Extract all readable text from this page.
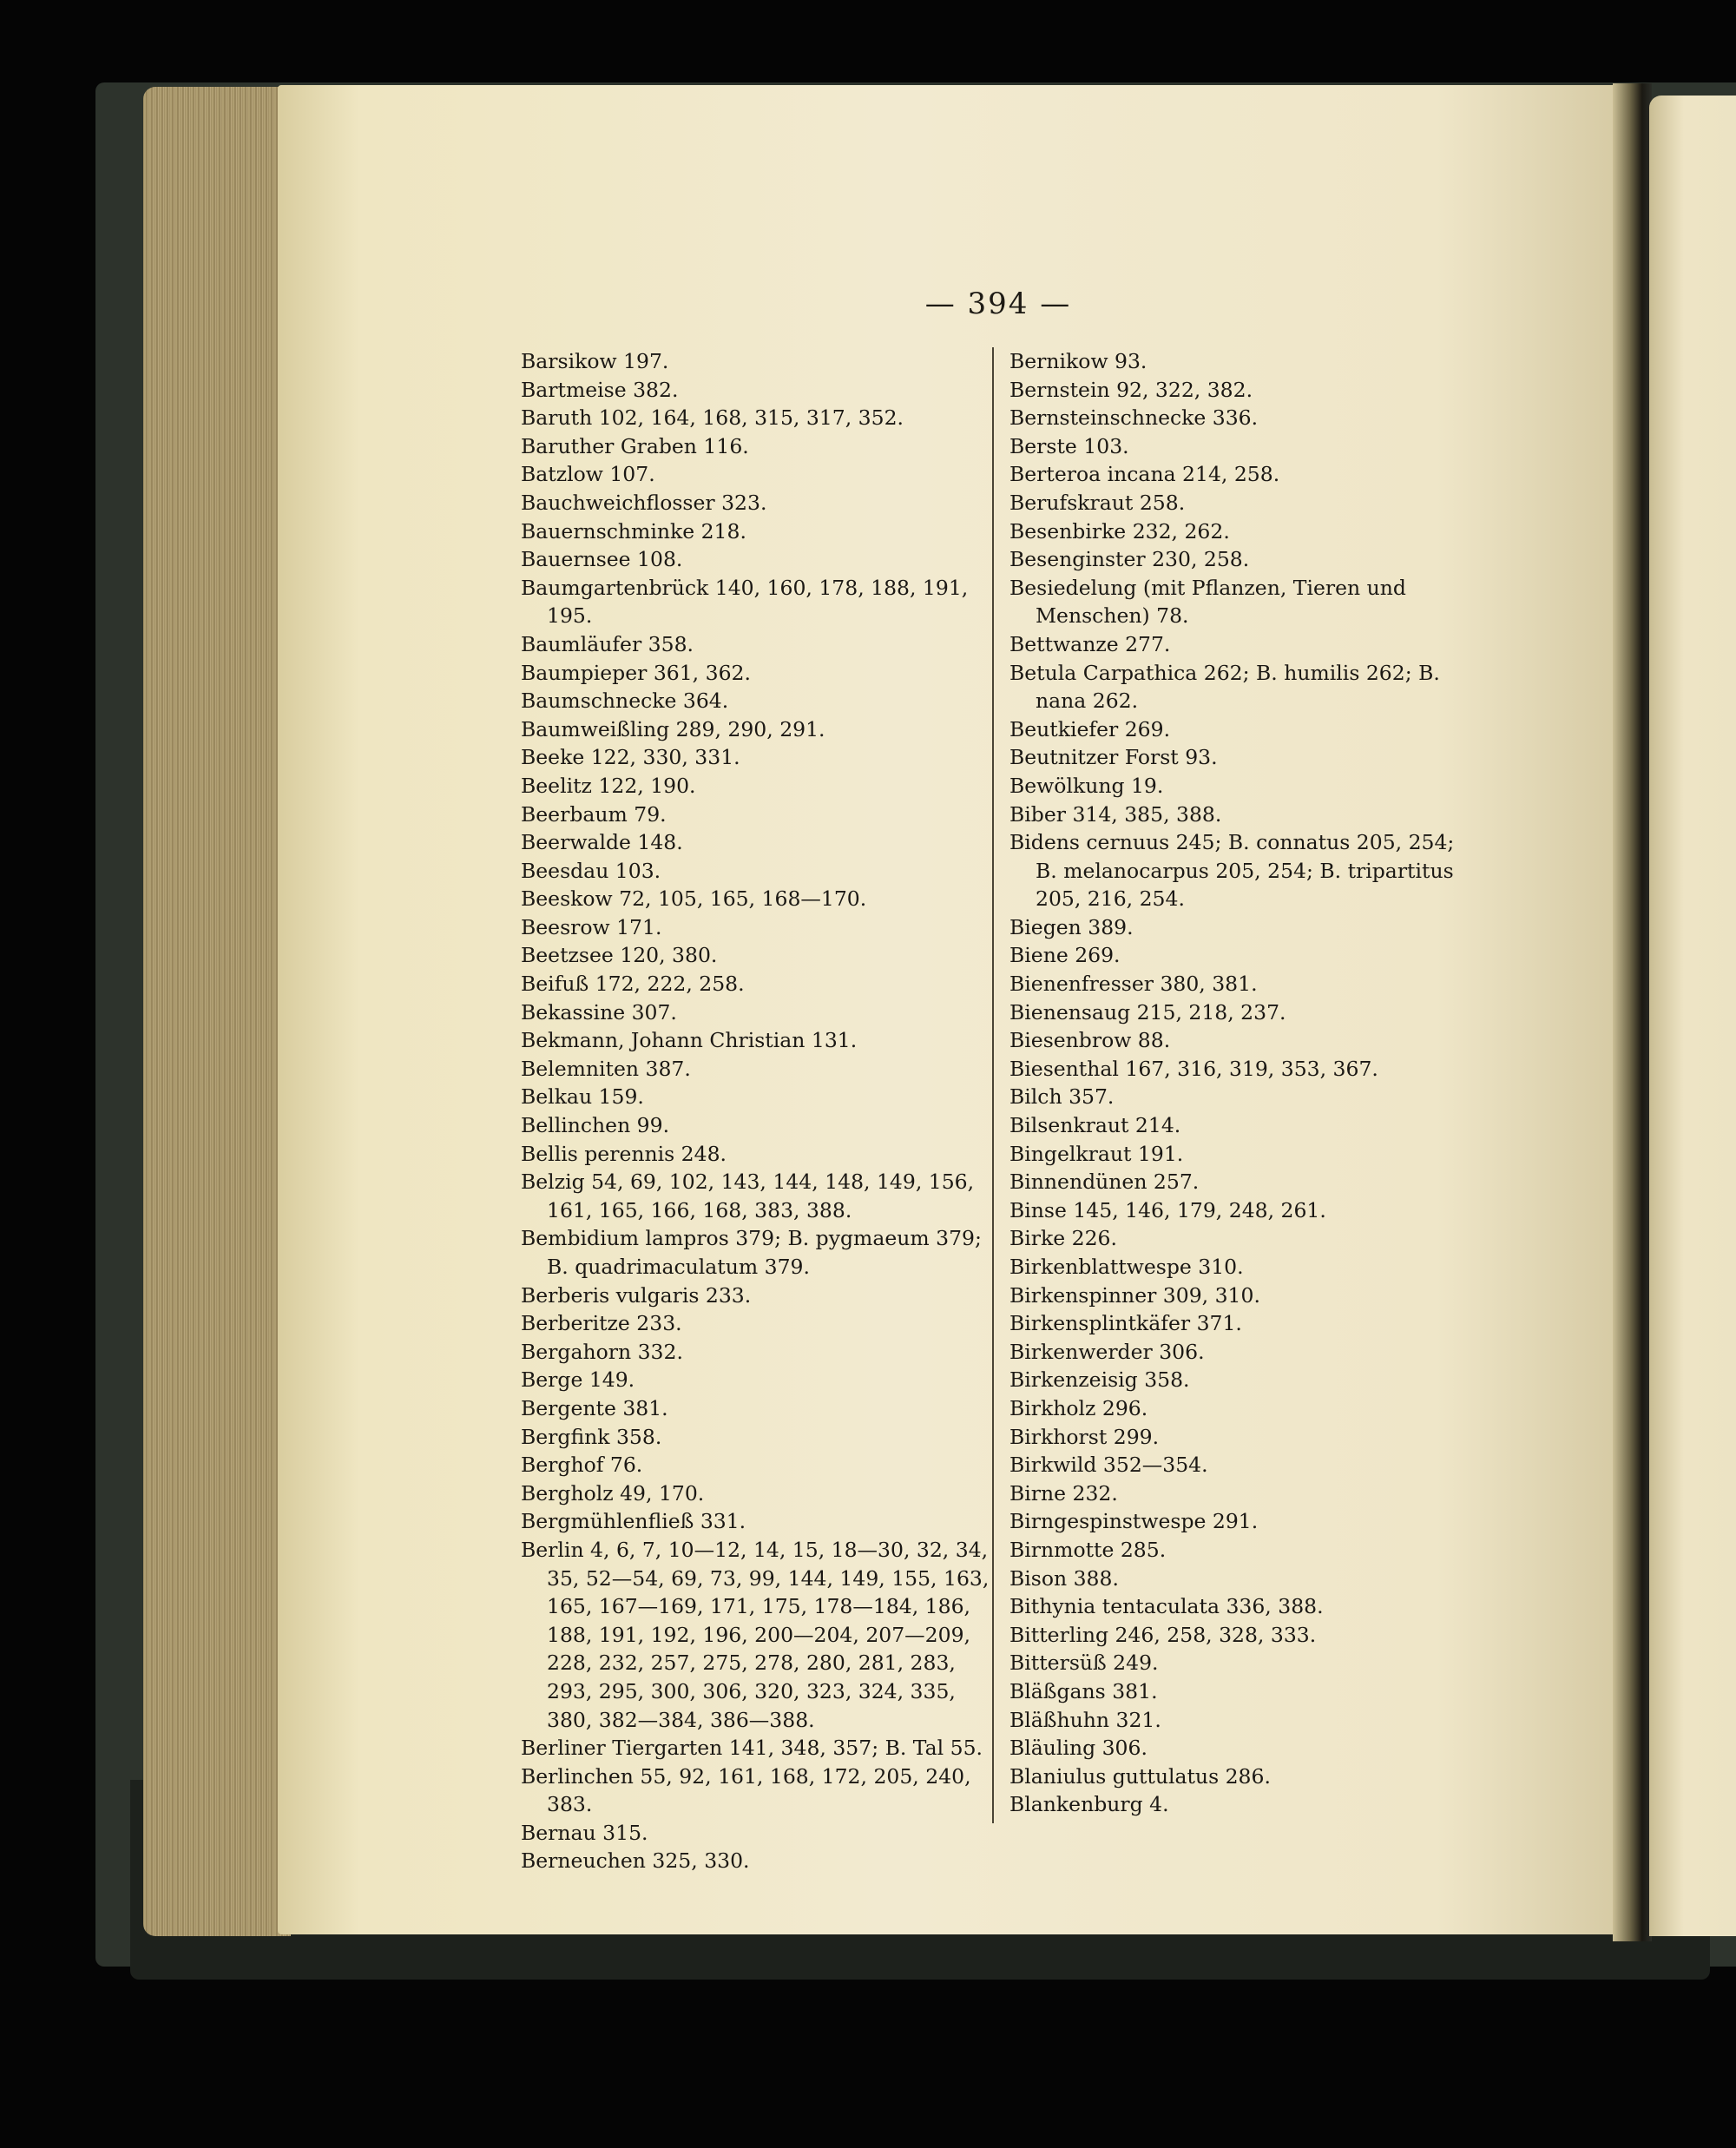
— 394 —
Barsikow 197.
Bartmeise 382.
Baruth 102, 164, 168, 315, 317, 352.
Baruther Graben 116.
Batzlow 107.
Bauchweichflosser 323.
Bauernschminke 218.
Bauernsee 108.
Baumgartenbrück 140, 160, 178, 188, 191, 195.
Baumläufer 358.
Baumpieper 361, 362.
Baumschnecke 364.
Baumweißling 289, 290, 291.
Beeke 122, 330, 331.
Beelitz 122, 190.
Beerbaum 79.
Beerwalde 148.
Beesdau 103.
Beeskow 72, 105, 165, 168—170.
Beesrow 171.
Beetzsee 120, 380.
Beifuß 172, 222, 258.
Bekassine 307.
Bekmann, Johann Christian 131.
Belemniten 387.
Belkau 159.
Bellinchen 99.
Bellis perennis 248.
Belzig 54, 69, 102, 143, 144, 148, 149, 156, 161, 165, 166, 168, 383, 388.
Bembidium lampros 379; B. pygmaeum 379; B. quadrimaculatum 379.
Berberis vulgaris 233.
Berberitze 233.
Bergahorn 332.
Berge 149.
Bergente 381.
Bergfink 358.
Berghof 76.
Bergholz 49, 170.
Bergmühlenfließ 331.
Berlin 4, 6, 7, 10—12, 14, 15, 18—30, 32, 34, 35, 52—54, 69, 73, 99, 144, 149, 155, 163, 165, 167—169, 171, 175, 178—184, 186, 188, 191, 192, 196, 200—204, 207—209, 228, 232, 257, 275, 278, 280, 281, 283, 293, 295, 300, 306, 320, 323, 324, 335, 380, 382—384, 386—388.
Berliner Tiergarten 141, 348, 357; B. Tal 55.
Berlinchen 55, 92, 161, 168, 172, 205, 240, 383.
Bernau 315.
Berneuchen 325, 330.
Bernikow 93.
Bernstein 92, 322, 382.
Bernsteinschnecke 336.
Berste 103.
Berteroa incana 214, 258.
Berufskraut 258.
Besenbirke 232, 262.
Besenginster 230, 258.
Besiedelung (mit Pflanzen, Tieren und Menschen) 78.
Bettwanze 277.
Betula Carpathica 262; B. humilis 262; B. nana 262.
Beutkiefer 269.
Beutnitzer Forst 93.
Bewölkung 19.
Biber 314, 385, 388.
Bidens cernuus 245; B. connatus 205, 254; B. melanocarpus 205, 254; B. tripartitus 205, 216, 254.
Biegen 389.
Biene 269.
Bienenfresser 380, 381.
Bienensaug 215, 218, 237.
Biesenbrow 88.
Biesenthal 167, 316, 319, 353, 367.
Bilch 357.
Bilsenkraut 214.
Bingelkraut 191.
Binnendünen 257.
Binse 145, 146, 179, 248, 261.
Birke 226.
Birkenblattwespe 310.
Birkenspinner 309, 310.
Birkensplintkäfer 371.
Birkenwerder 306.
Birkenzeisig 358.
Birkholz 296.
Birkhorst 299.
Birkwild 352—354.
Birne 232.
Birngespinstwespe 291.
Birnmotte 285.
Bison 388.
Bithynia tentaculata 336, 388.
Bitterling 246, 258, 328, 333.
Bittersüß 249.
Bläßgans 381.
Bläßhuhn 321.
Bläuling 306.
Blaniulus guttulatus 286.
Blankenburg 4.
